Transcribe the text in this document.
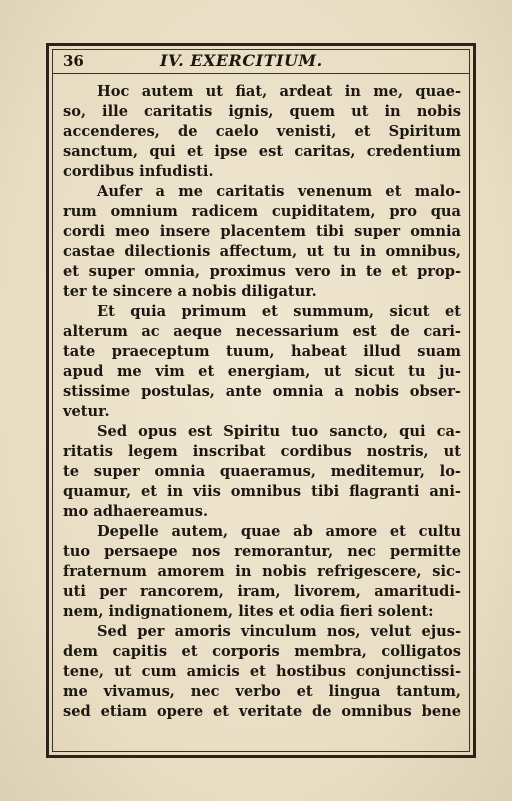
36	IV. EXERCITIUM.
Hoc autem ut fiat, ardeat in me, quae-
so, ille caritatis ignis, quem ut in nobis
accenderes, de caelo venisti, et Spiritum
sanctum, qui et ipse est caritas, credentium
cordibus infudisti.
Aufer a me caritatis venenum et malo-
rum omnium radicem cupiditatem, pro qua
cordi meo insere placentem tibi super omnia
castae dilectionis affectum, ut tu in omnibus,
et super omnia, proximus vero in te et prop-
ter te sincere a nobis diligatur.
Et quia primum et summum, sicut et
alterum ac aeque necessarium est de cari-
tate praeceptum tuum, habeat illud suam
apud me vim et energiam, ut sicut tu ju-
stissime postulas, ante omnia a nobis obser-
vetur.
Sed opus est Spiritu tuo sancto, qui ca-
ritatis legem inscribat cordibus nostris, ut
te super omnia quaeramus, meditemur, lo-
quamur, et in viis omnibus tibi flagranti ani-
mo adhaereamus.
Depelle autem, quae ab amore et cultu
tuo persaepe nos remorantur, nec permitte
fraternum amorem in nobis refrigescere, sic-
uti per rancorem, iram, livorem, amaritudi-
nem, indignationem, lites et odia fieri solent:
Sed per amoris vinculum nos, velut ejus-
dem capitis et corporis membra, colligatos
tene, ut cum amicis et hostibus conjunctissi-
me vivamus, nec verbo et lingua tantum,
sed etiam opere et veritate de omnibus bene
